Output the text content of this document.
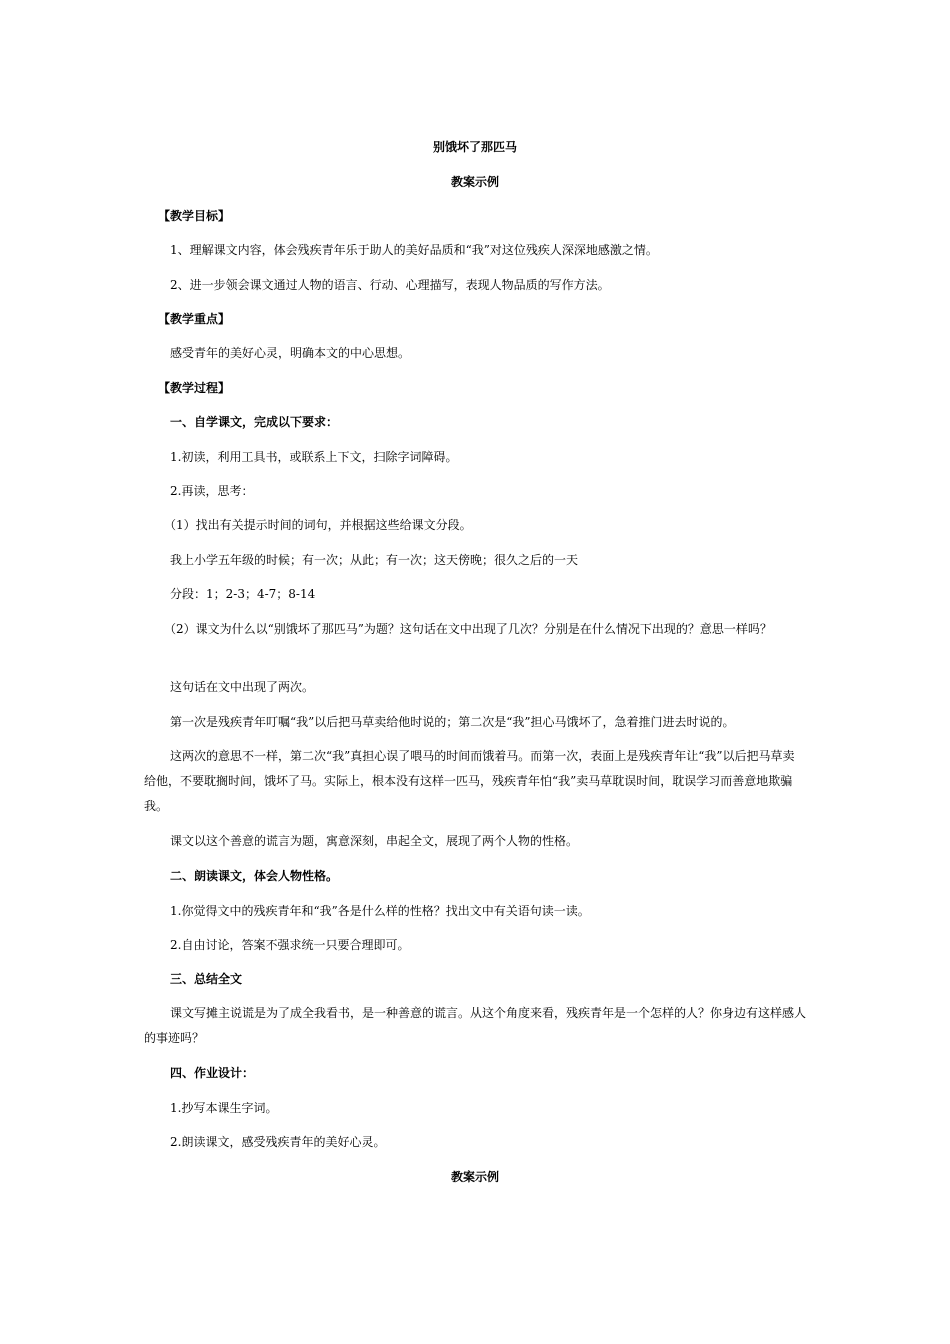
别饿坏了那匹马
教案示例
【教学目标】
1、理解课文内容，体会残疾青年乐于助人的美好品质和“我”对这位残疾人深深地感激之情。
2、进一步领会课文通过人物的语言、行动、心理描写，表现人物品质的写作方法。
【教学重点】
感受青年的美好心灵，明确本文的中心思想。
【教学过程】
一、自学课文，完成以下要求：
1.初读，利用工具书，或联系上下文，扫除字词障碍。
2.再读，思考：
（1）找出有关提示时间的词句，并根据这些给课文分段。
我上小学五年级的时候；有一次；从此；有一次；这天傍晚；很久之后的一天
分段：1；2-3；4-7；8-14
（2）课文为什么以“别饿坏了那匹马”为题？这句话在文中出现了几次？分别是在什么情况下出现的？意思一样吗？
这句话在文中出现了两次。
第一次是残疾青年叮嘱“我”以后把马草卖给他时说的；第二次是“我”担心马饿坏了，急着推门进去时说的。
这两次的意思不一样，第二次“我”真担心误了喂马的时间而饿着马。而第一次，表面上是残疾青年让“我”以后把马草卖给他，不要耽搁时间，饿坏了马。实际上，根本没有这样一匹马，残疾青年怕“我”卖马草耽误时间，耽误学习而善意地欺骗我。
课文以这个善意的谎言为题，寓意深刻，串起全文，展现了两个人物的性格。
二、朗读课文，体会人物性格。
1.你觉得文中的残疾青年和“我”各是什么样的性格？找出文中有关语句读一读。
2.自由讨论，答案不强求统一只要合理即可。
三、总结全文
课文写摊主说谎是为了成全我看书，是一种善意的谎言。从这个角度来看，残疾青年是一个怎样的人？你身边有这样感人的事迹吗？
四、作业设计：
1.抄写本课生字词。
2.朗读课文，感受残疾青年的美好心灵。
教案示例
